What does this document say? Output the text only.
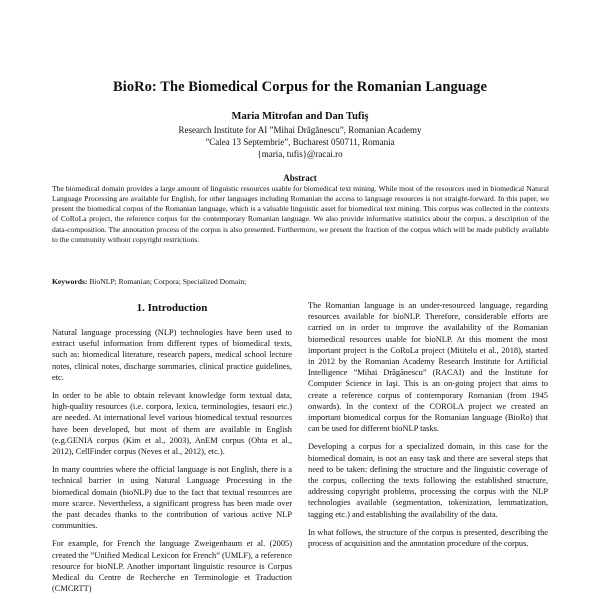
BioRo: The Biomedical Corpus for the Romanian Language
Maria Mitrofan and Dan Tufiş
Research Institute for AI ”Mihai Drăgănescu”, Romanian Academy
”Calea 13 Septembrie”, Bucharest 050711, Romania
{maria, tufis}@racai.ro
Abstract

The biomedical domain provides a large amount of linguistic resources usable for biomedical text mining. While most of the resources used in biomedical Natural Language Processing are available for English, for other languages including Romanian the access to language resources is not straight-forward. In this paper, we present the biomedical corpus of the Romanian language, which is a valuable linguistic asset for biomedical text mining. This corpus was collected in the contexts of CoRoLa project, the reference corpus for the contemporary Romanian language. We also provide informative statistics about the corpus, a description of the data-composition. The annotation process of the corpus is also presented. Furthermore, we present the fraction of the corpus which will be made publicly available to the community without copyright restrictions.

Keywords: BioNLP; Romanian; Corpora; Specialized Domain;

1. Introduction

Natural language processing (NLP) technologies have been used to extract useful information from different types of biomedical texts, such as: biomedical literature, research papers, medical school lecture notes, clinical notes, discharge summaries, clinical practice guidelines, etc.

In order to be able to obtain relevant knowledge form textual data, high-quality resources (i.e. corpora, lexica, terminologies, tesauri etc.) are needed. At international level various biomedical textual resources have been developed, but most of them are available in English (e.g.GENIA corpus (Kim et al., 2003), AnEM corpus (Ohta et al., 2012), CellFinder corpus (Neves et al., 2012), etc.).

In many countries where the official language is not English, there is a technical barrier in using Natural Language Processing in the biomedical domain (bioNLP) due to the fact that textual resources are more scarce. Nevertheless, a significant progress has been made over the past decades thanks to the contribution of various active NLP communities.

For example, for French the language Zweigenbaum et al. (2005) created the ”Unified Medical Lexicon for French” (UMLF), a reference resource for bioNLP. Another important linguistic resource is Corpus Medical du Centre de Recherche en Terminologie et Traduction (CMCRTT)

The Romanian language is an under-resourced language, regarding resources available for bioNLP. Therefore, considerable efforts are carried on in order to improve the availability of the Romanian biomedical resources usable for bioNLP. At this moment the most important project is the CoRoLa project (Mititelu et al., 2018), started in 2012 by the Romanian Academy Research Institute for Artificial Intelligence ”Mihai Drăgănescu” (RACAI) and the Institute for Computer Science in Iaşi. This is an on-going project that aims to create a reference corpus of contemporary Romanian (from 1945 onwards). In the context of the COROLA project we created an important biomedical corpus for the Romanian language (BioRo) that can be used for different bioNLP tasks.

Developing a corpus for a specialized domain, in this case for the biomedical domain, is not an easy task and there are several steps that need to be taken: defining the structure and the linguistic coverage of the corpus, collecting the texts following the established structure, addressing copyright problems, processing the corpus with the NLP technologies available (segmentation, tokenization, lemmatization, tagging etc.) and establishing the availability of the data.

In what follows, the structure of the corpus is presented, describing the process of acquisition and the annotation procedure of the corpus.
